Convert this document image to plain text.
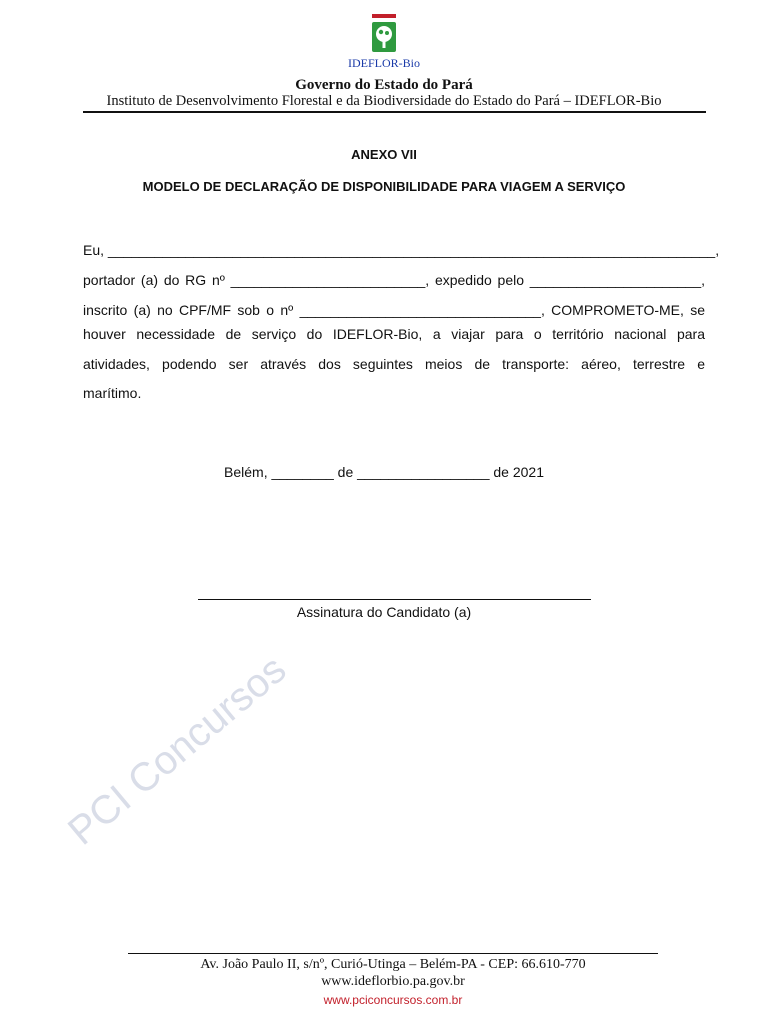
IDEFLOR-Bio
Governo do Estado do Pará
Instituto de Desenvolvimento Florestal e da Biodiversidade do Estado do Pará – IDEFLOR-Bio
ANEXO VII
MODELO DE DECLARAÇÃO DE DISPONIBILIDADE PARA VIAGEM A SERVIÇO
Eu, ______________________________________________________________________________,
portador (a) do RG nº _________________________, expedido pelo ______________________,
inscrito (a) no CPF/MF sob o nº _______________________________, COMPROMETO-ME, se
houver necessidade de serviço do IDEFLOR-Bio, a viajar para o território nacional para
atividades, podendo ser através dos seguintes meios de transporte: aéreo, terrestre e
marítimo.
Belém, ________ de _________________ de 2021
Assinatura do Candidato (a)
PCI Concursos
Av. João Paulo II, s/nº, Curió-Utinga – Belém-PA - CEP: 66.610-770
www.ideflorbio.pa.gov.br
www.pciconcursos.com.br
